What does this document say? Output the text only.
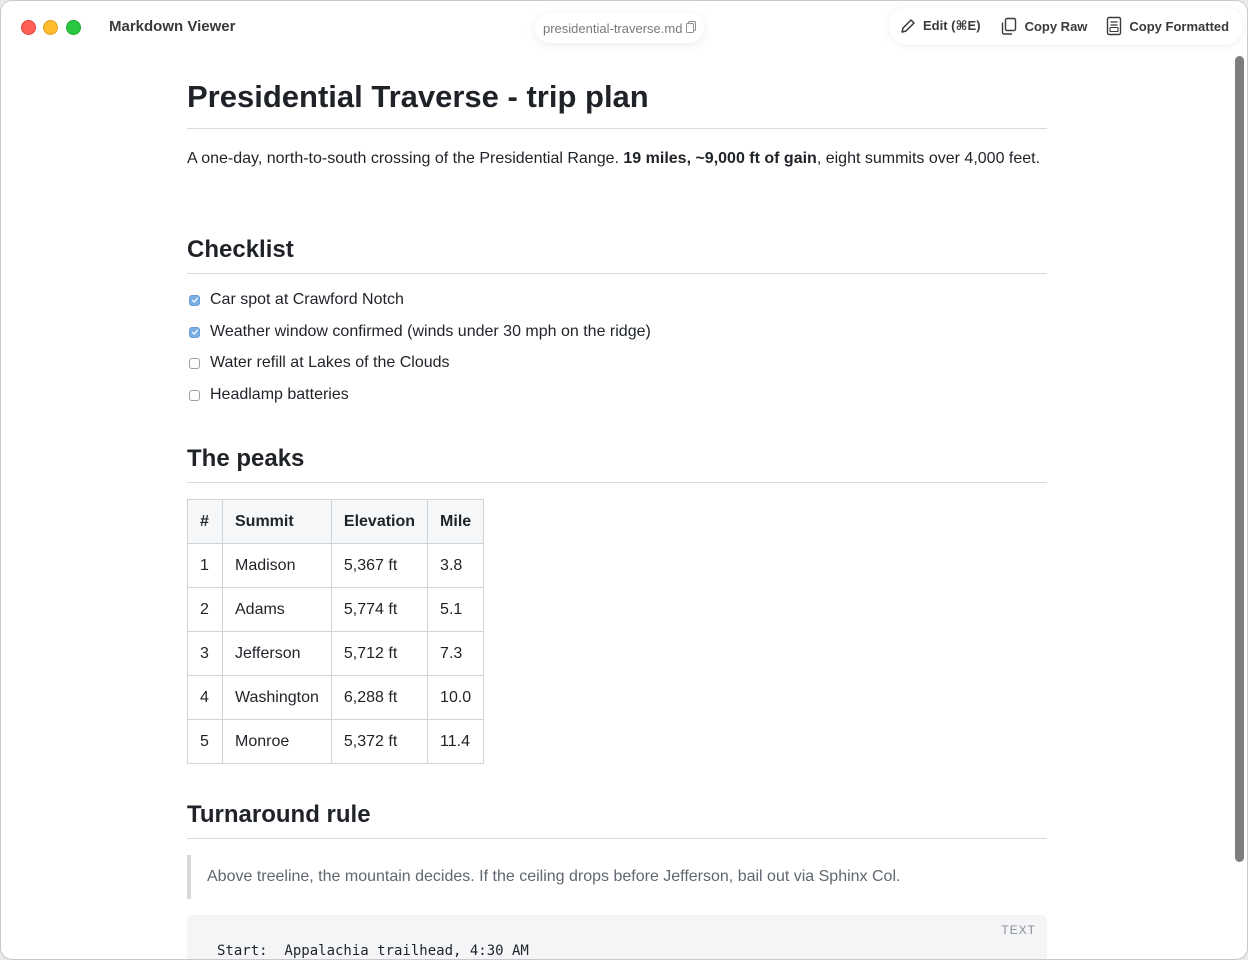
Markdown Viewer	presidential-traverse.md	Edit (⌘E)	Copy Raw	Copy Formatted
Presidential Traverse - trip plan

A one-day, north-to-south crossing of the Presidential Range. 19 miles, ~9,000 ft of gain, eight summits over 4,000 feet.

Checklist
Car spot at Crawford Notch
Weather window confirmed (winds under 30 mph on the ridge)
Water refill at Lakes of the Clouds
Headlamp batteries
The peaks
#	Summit	Elevation	Mile
1	Madison	5,367 ft	3.8
2	Adams	5,774 ft	5.1
3	Jefferson	5,712 ft	7.3
4	Washington	6,288 ft	10.0
5	Monroe	5,372 ft	11.4
Turnaround rule
Above treeline, the mountain decides. If the ceiling drops before Jefferson, bail out via Sphinx Col.
TEXT
Start:  Appalachia trailhead, 4:30 AM
